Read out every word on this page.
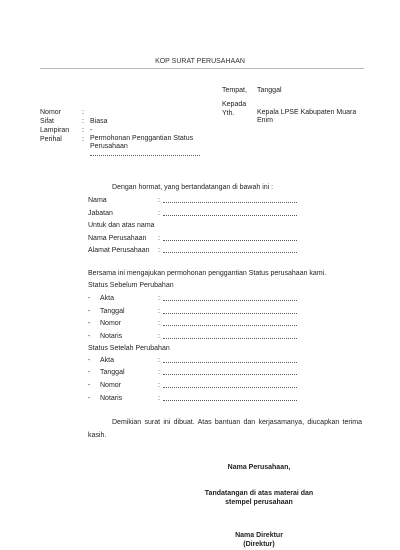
KOP SURAT PERUSAHAAN
Tempat, Tanggal
Kepada
Yth.	Kepala LPSE Kabupaten Muara Enim
Nomor	:
Sifat	: Biasa
Lampiran : -
Perihal	: Permohonan Penggantian Status Perusahaan
Dengan hormat, yang bertandatangan di bawah ini :
Nama	:
Jabatan	:
Untuk dan atas nama
Nama Perusahaan :
Alamat Perusahaan :
Bersama ini mengajukan permohonan penggantian Status perusahaan kami.
Status Sebelum Perubahan
- Akta	:
- Tanggal	:
- Nomor	:
- Notaris	:
Status Setelah Perubahan
- Akta	:
- Tanggal	:
- Nomor	:
- Notaris	:
Demikian surat ini dibuat. Atas bantuan dan kerjasamanya, diucapkan terima kasih.
Nama Perusahaan,
Tandatangan di atas materai dan stempel perusahaan
Nama Direktur
(Direktur)
